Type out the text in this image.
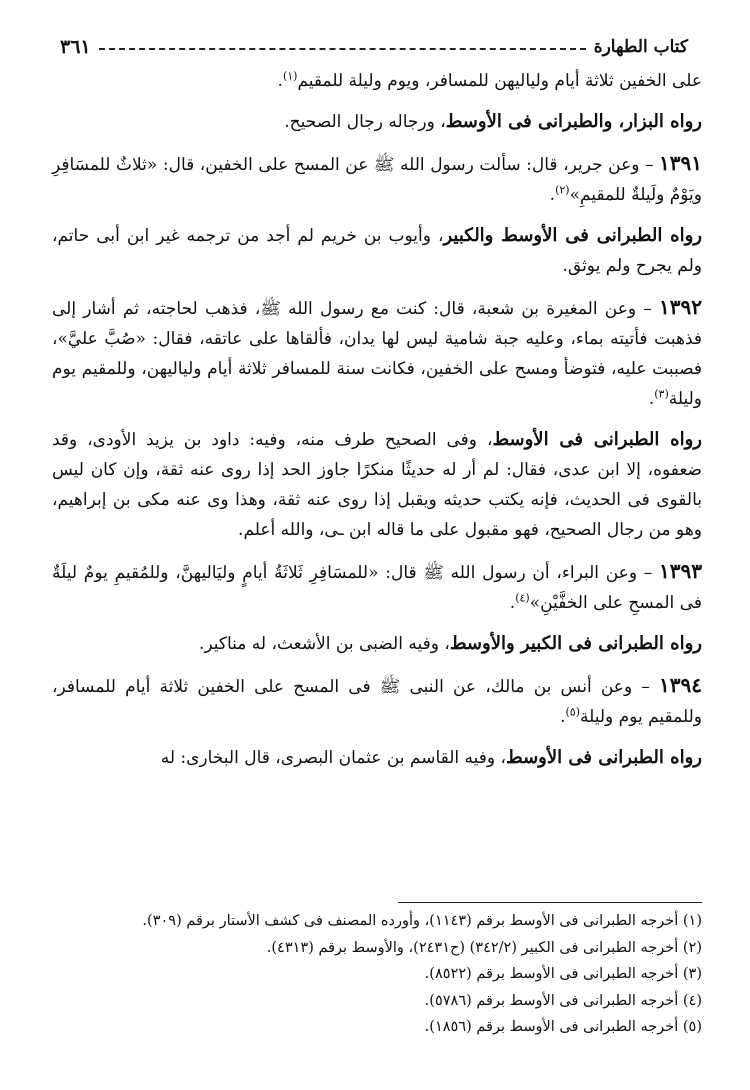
كتاب الطهارة
٣٦١

على الخفين ثلاثة أيام ولياليهن للمسافر، ويوم وليلة للمقيم$^{(١)}$.

رواه البزار، والطبرانى فى الأوسط، ورجاله رجال الصحيح.

١٣٩١ – وعن جرير، قال: سألت رسول الله ﷺ عن المسح على الخفين، قال: «ثلاثٌ للمسَافِرِ ويَوْمٌ ولَيلةٌ للمقيمِ»$^{(٢)}$.

رواه الطبرانى فى الأوسط والكبير، وأيوب بن خريم لم أجد من ترجمه غير ابن أبى حاتم، ولم يجرح ولم يوثق.

١٣٩٢ – وعن المغيرة بن شعبة، قال: كنت مع رسول الله ﷺ، فذهب لحاجته، ثم أشار إلى فذهبت فأتيته بماء، وعليه جبة شامية ليس لها يدان، فألقاها على عاتقه، فقال: «صُبَّ عليَّ»، فصببت عليه، فتوضأ ومسح على الخفين، فكانت سنة للمسافر ثلاثة أيام ولياليهن، وللمقيم يوم وليلة$^{(٣)}$.

رواه الطبرانى فى الأوسط، وفى الصحيح طرف منه، وفيه: داود بن يزيد الأودى، وقد ضعفوه، إلا ابن عدى، فقال: لم أر له حديثًا منكرًا جاوز الحد إذا روى عنه ثقة، وإن كان ليس بالقوى فى الحديث، فإنه يكتب حديثه ويقبل إذا روى عنه ثقة، وهذا وى عنه مكى بن إبراهيم، وهو من رجال الصحيح، فهو مقبول على ما قاله ابن ـى، والله أعلم.

١٣٩٣ – وعن البراء، أن رسول الله ﷺ قال: «للمسَافِرِ ثَلاثَةُ أيامٍ وليَاليهنَّ، وللمُقيمِ يومٌ ليلَةٌ فى المسحِ على الخفَّيْنِ»$^{(٤)}$.

رواه الطبرانى فى الكبير والأوسط، وفيه الضبى بن الأشعث، له مناكير.

١٣٩٤ – وعن أنس بن مالك، عن النبى ﷺ فى المسح على الخفين ثلاثة أيام للمسافر، وللمقيم يوم وليلة$^{(٥)}$.

رواه الطبرانى فى الأوسط، وفيه القاسم بن عثمان البصرى، قال البخارى: له

(١) أخرجه الطبرانى فى الأوسط برقم (١١٤٣)، وأورده المصنف فى كشف الأستار برقم (٣٠٩).
(٢) أخرجه الطبرانى فى الكبير (٣٤٢/٢) (ح٢٤٣١)، والأوسط برقم (٤٣١٣).
(٣) أخرجه الطبرانى فى الأوسط برقم (٨٥٢٢).
(٤) أخرجه الطبرانى فى الأوسط برقم (٥٧٨٦).
(٥) أخرجه الطبرانى فى الأوسط برقم (١٨٥٦).
